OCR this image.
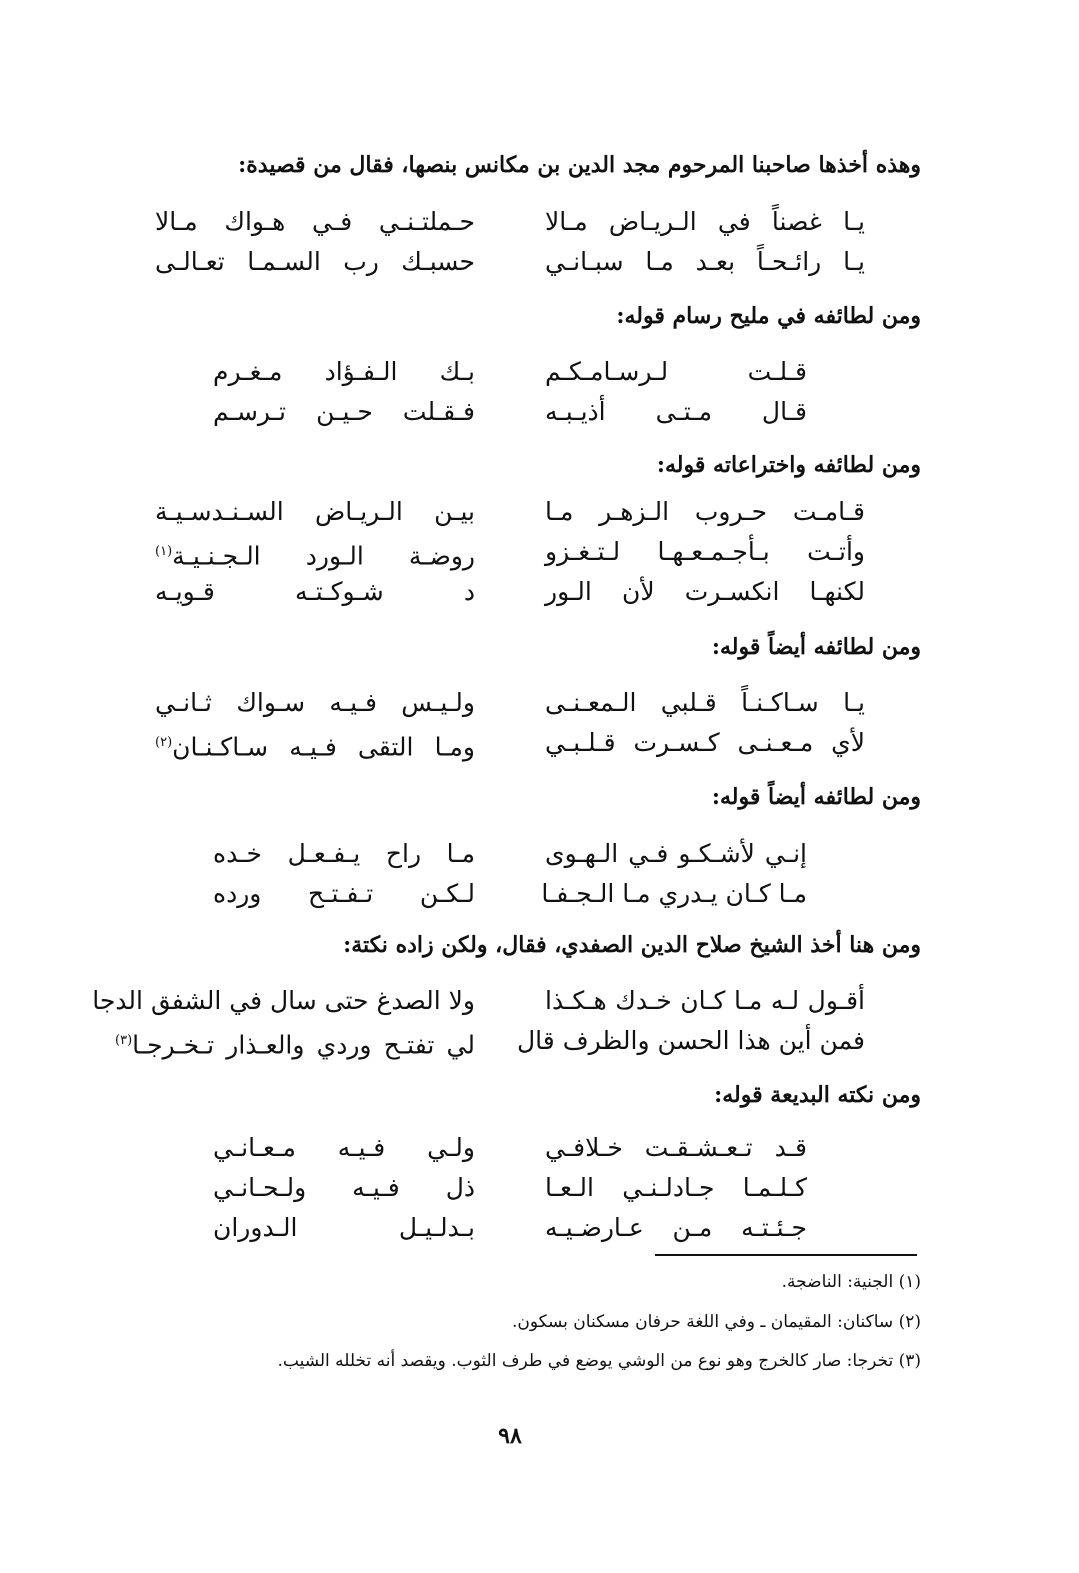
وهذه أخذها صاحبنا المرحوم مجد الدين بن مكانس بنصها، فقال من قصيدة:
يـا غصناً في الـريـاض مـالا
حـملتـنـي فـي هـواك مـالا
يـا رائـحـاً بعـد مـا سبـانـي
حسبـك رب السـمـا تعـالـى
ومن لطائفه في مليح رسام قوله:
قـلـت لـرسـامـكـم
بـك الـفـؤاد مـغـرم
قـال مـتـى أذيـبـه
فـقـلت حـيـن تـرسـم
ومن لطائفه واختراعاته قوله:
قـامـت حـروب الـزهـر مـا
بيـن الـريـاض السـنـدسـيـة
وأتـت بـأجـمـعـهـا لـتـغـزو
روضـة الـورد الـجـنـيـة$^{(١)}$
لكنهـا انكسـرت لأن الـور
د شـوكـتـه قـويـه
ومن لطائفه أيضاً قوله:
يـا سـاكـنـاً قـلبي الـمعـنـى
ولـيـس فـيـه سـواك ثـانـي
لأي مـعـنـى كـسـرت قـلـبـي
ومـا التقى فـيـه سـاكـنـان$^{(٢)}$
ومن لطائفه أيضاً قوله:
إنـي لأشـكـو فـي الـهـوى
مـا راح يـفـعـل خـده
مـا كـان يـدري مـا الـجـفـا
لـكـن تـفـتـح ورده
ومن هنا أخذ الشيخ صلاح الدين الصفدي، فقال، ولكن زاده نكتة:
أقـول لـه مـا كـان خـدك هـكـذا
ولا الصدغ حتى سال في الشفق الدجا
فمن أين هذا الحسن والظرف قال
لي تفتـح وردي والعـذار تـخـرجـا$^{(٣)}$
ومن نكته البديعة قوله:
قـد تـعـشـقـت خـلافـي
ولـي فـيـه مـعـانـي
كـلـمـا جـادلـنـي الـعـا
ذل فـيـه ولـحـانـي
جـئـتـه مـن عـارضـيـه
بـدلـيـل الـدوران
(١) الجنية: الناضجة.
(٢) ساكنان: المقيمان ـ وفي اللغة حرفان مسكنان بسكون.
(٣) تخرجا: صار كالخرج وهو نوع من الوشي يوضع في طرف الثوب. ويقصد أنه تخلله الشيب.
٩٨
